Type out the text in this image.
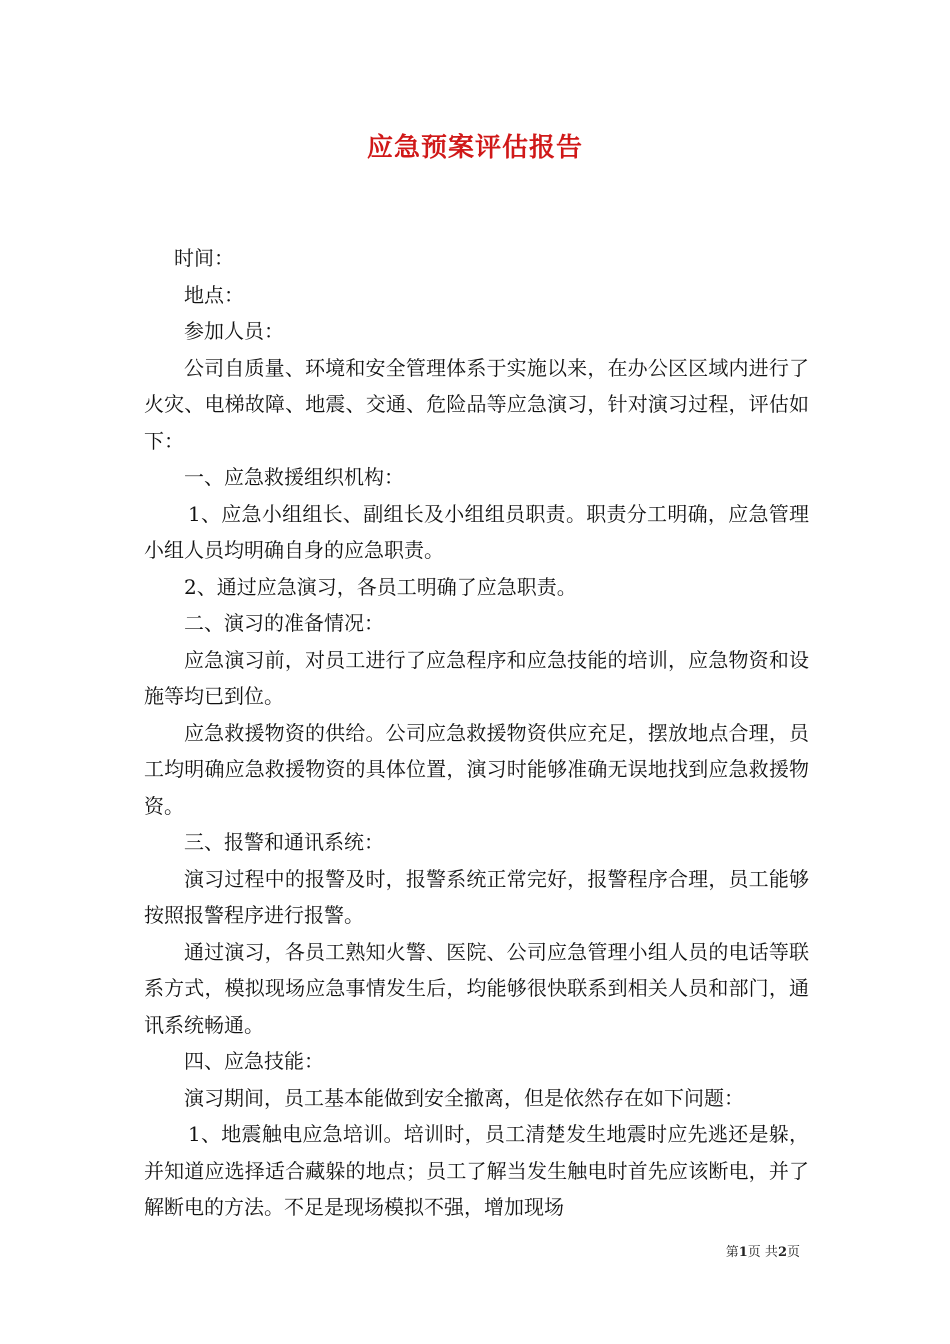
应急预案评估报告

时间：

地点：

参加人员：

公司自质量、环境和安全管理体系于实施以来，在办公区区域内进行了火灾、电梯故障、地震、交通、危险品等应急演习，针对演习过程，评估如下：

一、应急救援组织机构：

1、应急小组组长、副组长及小组组员职责。职责分工明确，应急管理小组人员均明确自身的应急职责。

2、通过应急演习，各员工明确了应急职责。

二、演习的准备情况：

应急演习前，对员工进行了应急程序和应急技能的培训，应急物资和设施等均已到位。

应急救援物资的供给。公司应急救援物资供应充足，摆放地点合理，员工均明确应急救援物资的具体位置，演习时能够准确无误地找到应急救援物资。

三、报警和通讯系统：

演习过程中的报警及时，报警系统正常完好，报警程序合理，员工能够按照报警程序进行报警。

通过演习，各员工熟知火警、医院、公司应急管理小组人员的电话等联系方式，模拟现场应急事情发生后，均能够很快联系到相关人员和部门，通讯系统畅通。

四、应急技能：

演习期间，员工基本能做到安全撤离，但是依然存在如下问题：

1、地震触电应急培训。培训时，员工清楚发生地震时应先逃还是躲，并知道应选择适合藏躲的地点；员工了解当发生触电时首先应该断电，并了解断电的方法。不足是现场模拟不强，增加现场

第1页 共2页
